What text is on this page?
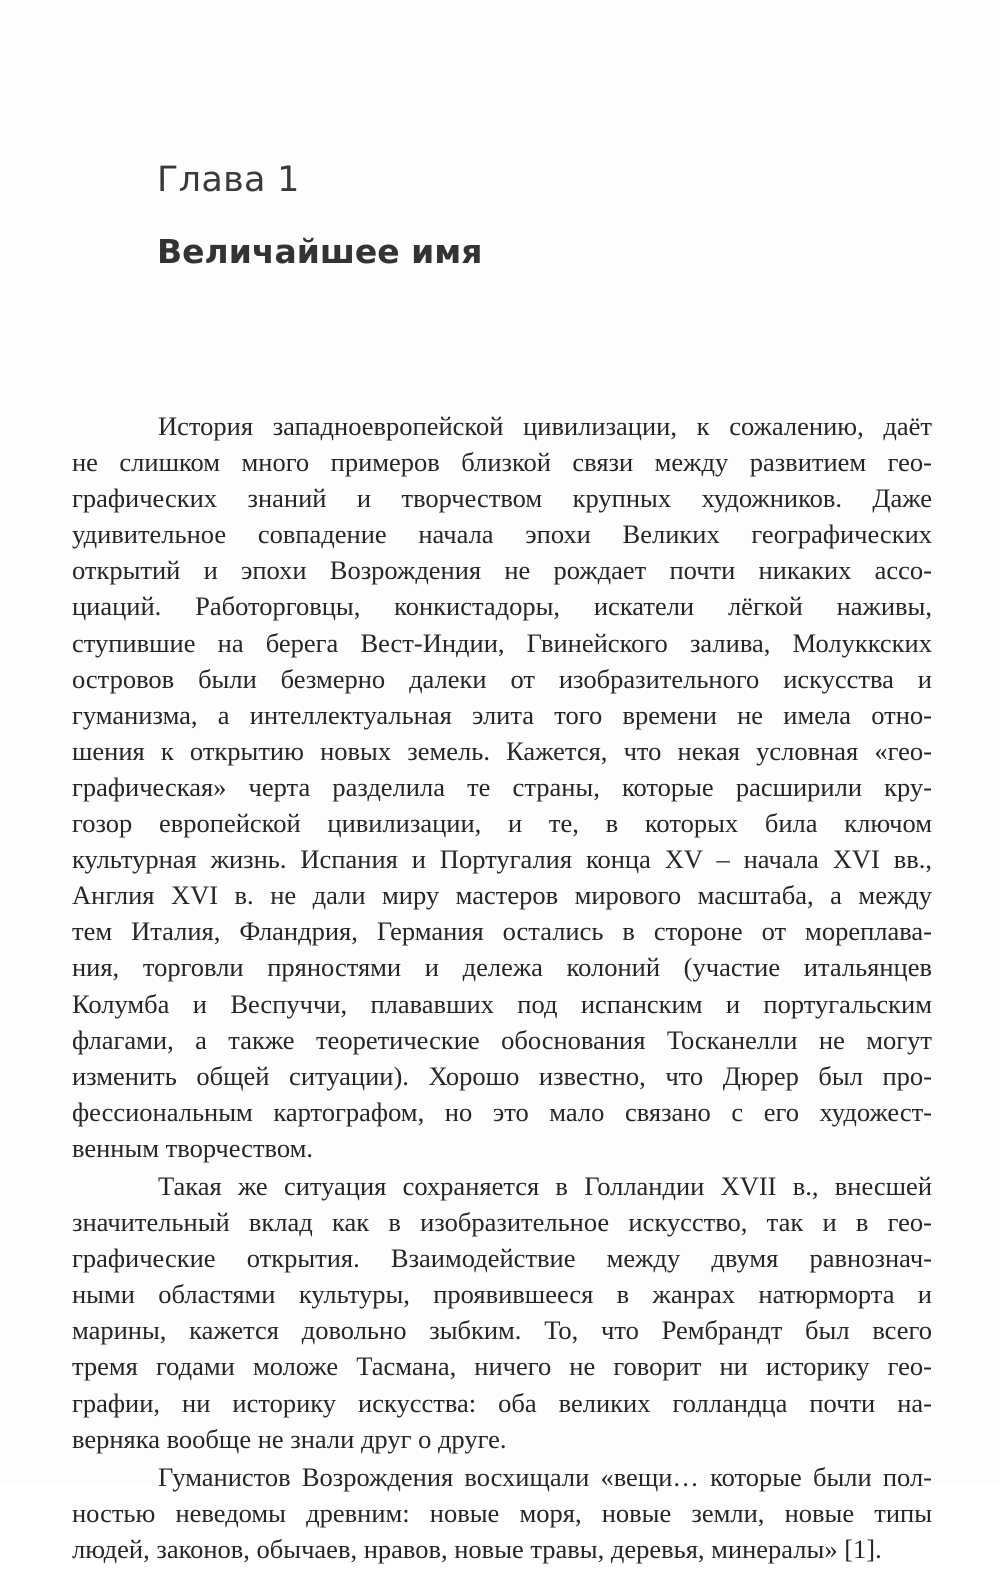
Глава 1
Величайшее имя
История западноевропейской цивилизации, к сожалению, даёт
не слишком много примеров близкой связи между развитием гео-
графических знаний и творчеством крупных художников. Даже
удивительное совпадение начала эпохи Великих географических
открытий и эпохи Возрождения не рождает почти никаких ассо-
циаций. Работорговцы, конкистадоры, искатели лёгкой наживы,
ступившие на берега Вест-Индии, Гвинейского залива, Молуккских
островов были безмерно далеки от изобразительного искусства и
гуманизма, а интеллектуальная элита того времени не имела отно-
шения к открытию новых земель. Кажется, что некая условная «гео-
графическая» черта разделила те страны, которые расширили кру-
гозор европейской цивилизации, и те, в которых била ключом
культурная жизнь. Испания и Португалия конца XV – начала XVI вв.,
Англия XVI в. не дали миру мастеров мирового масштаба, а между
тем Италия, Фландрия, Германия остались в стороне от мореплава-
ния, торговли пряностями и дележа колоний (участие итальянцев
Колумба и Веспуччи, плававших под испанским и португальским
флагами, а также теоретические обоснования Тосканелли не могут
изменить общей ситуации). Хорошо известно, что Дюрер был про-
фессиональным картографом, но это мало связано с его художест-
венным творчеством.
Такая же ситуация сохраняется в Голландии XVII в., внесшей
значительный вклад как в изобразительное искусство, так и в гео-
графические открытия. Взаимодействие между двумя равнознач-
ными областями культуры, проявившееся в жанрах натюрморта и
марины, кажется довольно зыбким. То, что Рембрандт был всего
тремя годами моложе Тасмана, ничего не говорит ни историку гео-
графии, ни историку искусства: оба великих голландца почти на-
верняка вообще не знали друг о друге.
Гуманистов Возрождения восхищали «вещи… которые были пол-
ностью неведомы древним: новые моря, новые земли, новые типы
людей, законов, обычаев, нравов, новые травы, деревья, минералы» [1].
